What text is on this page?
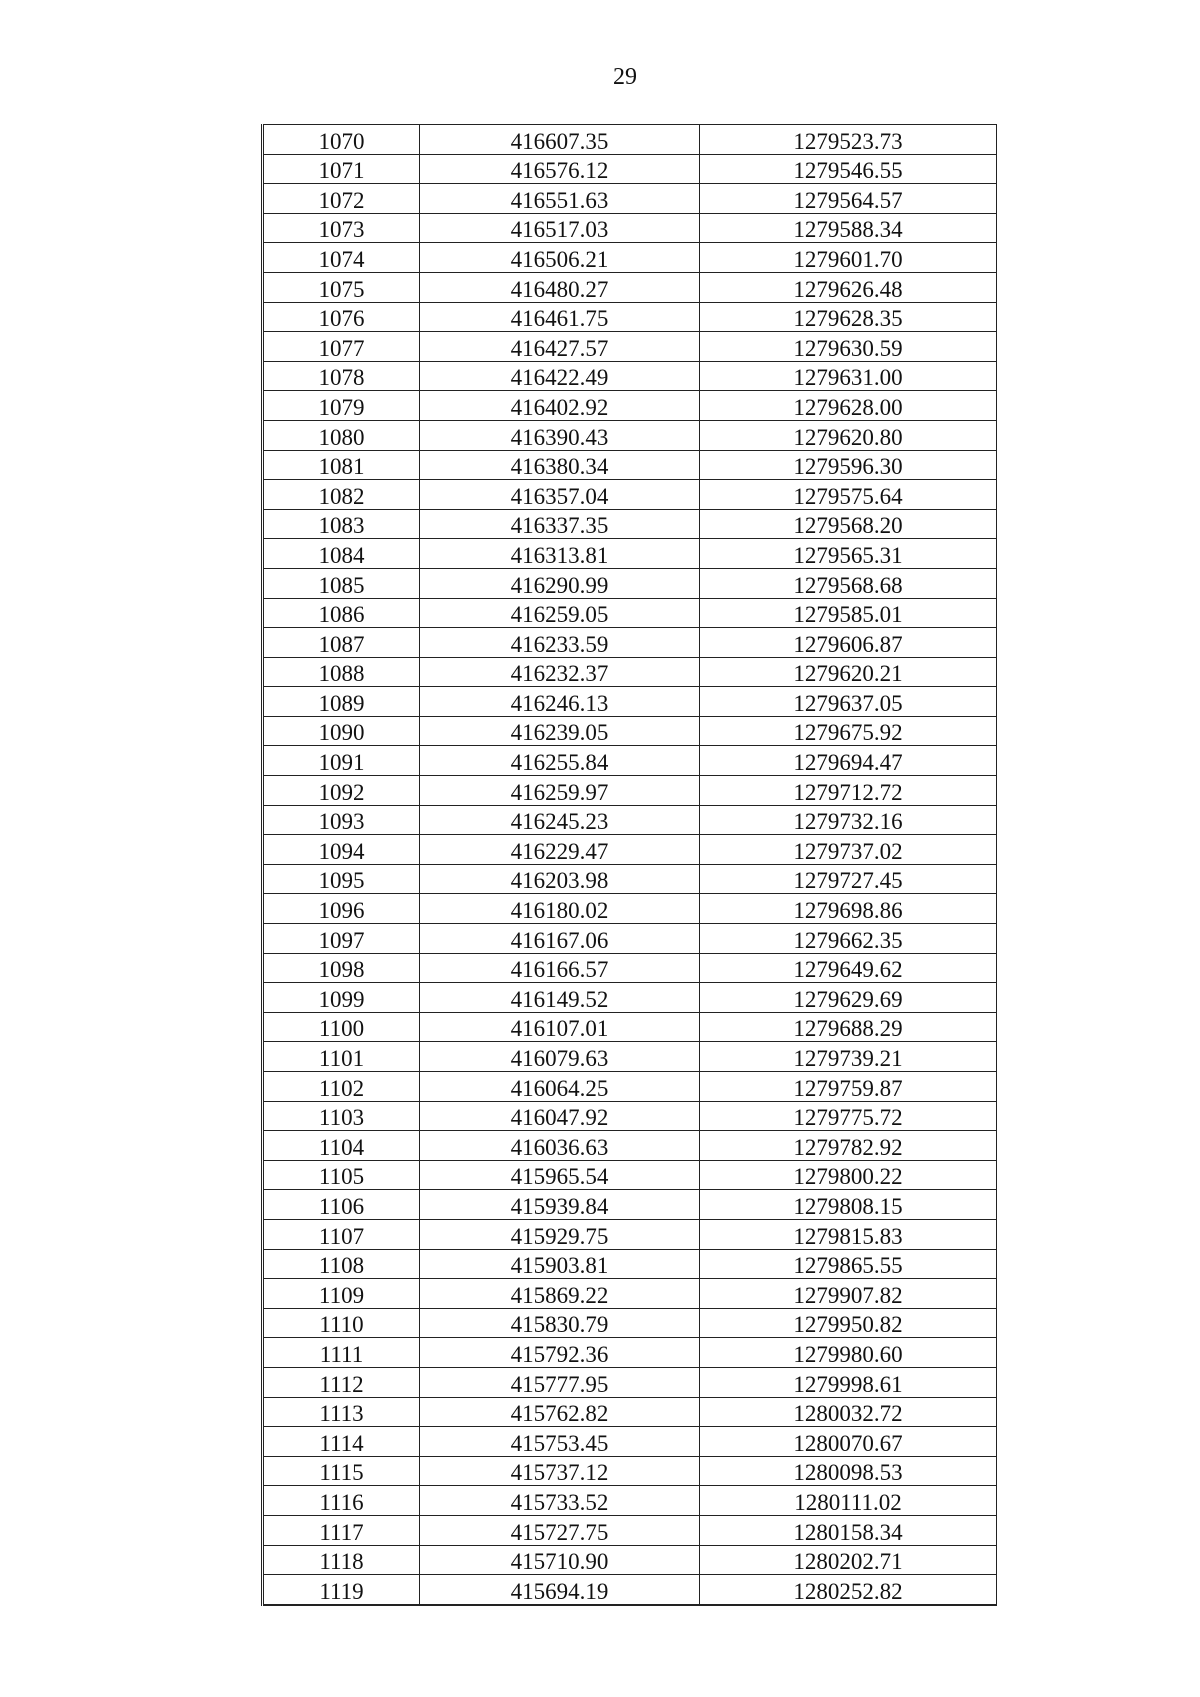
29
1070	416607.35	1279523.73
1071	416576.12	1279546.55
1072	416551.63	1279564.57
1073	416517.03	1279588.34
1074	416506.21	1279601.70
1075	416480.27	1279626.48
1076	416461.75	1279628.35
1077	416427.57	1279630.59
1078	416422.49	1279631.00
1079	416402.92	1279628.00
1080	416390.43	1279620.80
1081	416380.34	1279596.30
1082	416357.04	1279575.64
1083	416337.35	1279568.20
1084	416313.81	1279565.31
1085	416290.99	1279568.68
1086	416259.05	1279585.01
1087	416233.59	1279606.87
1088	416232.37	1279620.21
1089	416246.13	1279637.05
1090	416239.05	1279675.92
1091	416255.84	1279694.47
1092	416259.97	1279712.72
1093	416245.23	1279732.16
1094	416229.47	1279737.02
1095	416203.98	1279727.45
1096	416180.02	1279698.86
1097	416167.06	1279662.35
1098	416166.57	1279649.62
1099	416149.52	1279629.69
1100	416107.01	1279688.29
1101	416079.63	1279739.21
1102	416064.25	1279759.87
1103	416047.92	1279775.72
1104	416036.63	1279782.92
1105	415965.54	1279800.22
1106	415939.84	1279808.15
1107	415929.75	1279815.83
1108	415903.81	1279865.55
1109	415869.22	1279907.82
1110	415830.79	1279950.82
1111	415792.36	1279980.60
1112	415777.95	1279998.61
1113	415762.82	1280032.72
1114	415753.45	1280070.67
1115	415737.12	1280098.53
1116	415733.52	1280111.02
1117	415727.75	1280158.34
1118	415710.90	1280202.71
1119	415694.19	1280252.82
